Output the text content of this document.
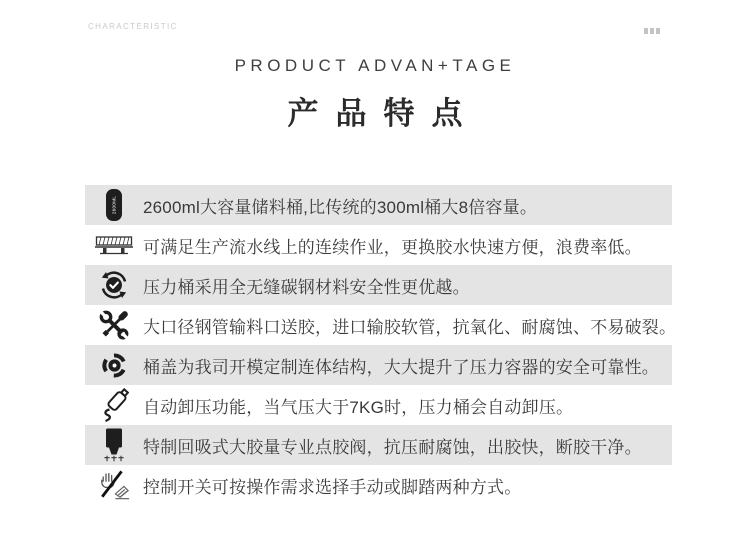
CHARACTERISTIC
PRODUCT ADVAN+TAGE
产品特点
2600ML 2600ml大容量储料桶,比传统的300ml桶大8倍容量。
可满足生产流水线上的连续作业，更换胶水快速方便，浪费率低。
压力桶采用全无缝碳钢材料安全性更优越。
大口径钢管输料口送胶，进口输胶软管，抗氧化、耐腐蚀、不易破裂。
桶盖为我司开模定制连体结构，大大提升了压力容器的安全可靠性。
自动卸压功能，当气压大于7KG时，压力桶会自动卸压。
特制回吸式大胶量专业点胶阀，抗压耐腐蚀，出胶快，断胶干净。
控制开关可按操作需求选择手动或脚踏两种方式。
